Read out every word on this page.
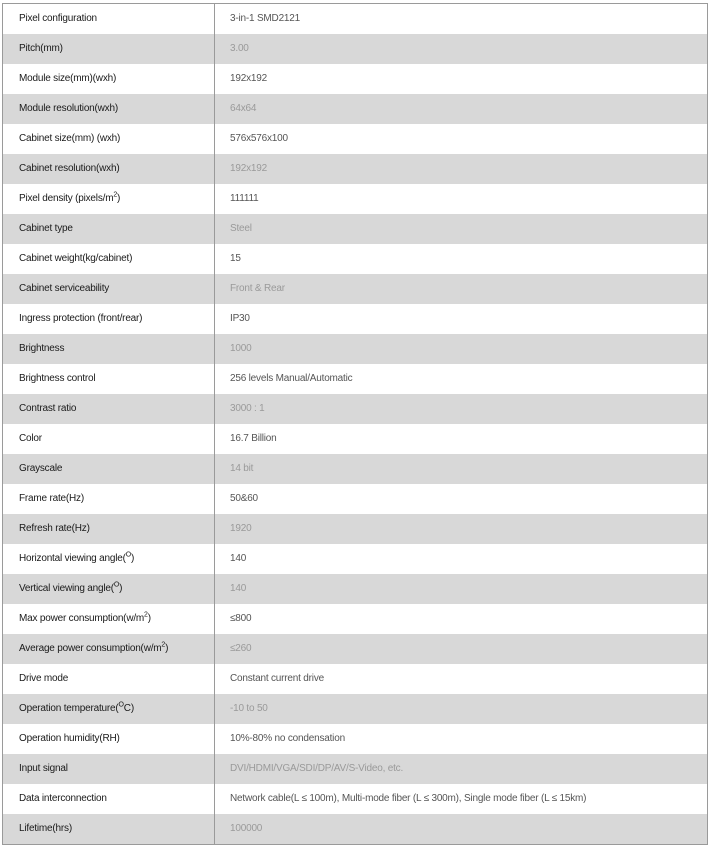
Pixel configuration	3-in-1 SMD2121
Pitch(mm)	3.00
Module size(mm)(wxh)	192x192
Module resolution(wxh)	64x64
Cabinet size(mm) (wxh)	576x576x100
Cabinet resolution(wxh)	192x192
Pixel density $(pixels/m^2)$	111111
Cabinet type	Steel
Cabinet weight(kg/cabinet)	15
Cabinet serviceability	Front & Rear
Ingress protection (front/rear)	IP30
Brightness	1000
Brightness control	256 levels Manual/Automatic
Contrast ratio	3000 : 1
Color	16.7 Billion
Grayscale	14 bit
Frame rate(Hz)	50&60
Refresh rate(Hz)	1920
Horizontal viewing angle($^O$)	140
Vertical viewing angle($^O$)	140
Max power $consumption(w/m^2)$	≤800
Average power $consumption(w/m^2)$	≤260
Drive mode	Constant current drive
Operation temperature($^O$C)	-10 to 50
Operation humidity(RH)	10%-80% no condensation
Input signal	DVI/HDMI/VGA/SDI/DP/AV/S-Video, etc.
Data interconnection	Network cable(L ≤ 100m), Multi-mode fiber (L ≤ 300m), Single mode fiber (L ≤ 15km)
Lifetime(hrs)	100000
